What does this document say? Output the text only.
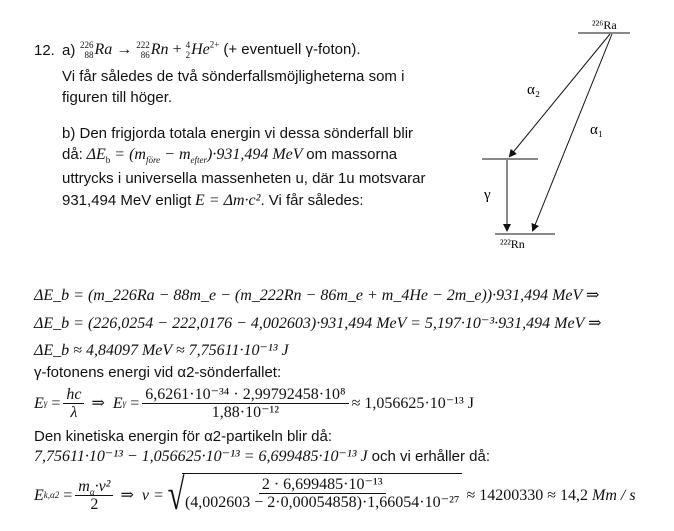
12. a) 226
88 Ra → 222
86 Rn + 4
2 $He^{2+}$ (+ eventuell γ-foton).
Vi får således de två sönderfallsmöjligheterna som i
figuren till höger.
b) Den frigjorda totala energin vi dessa sönderfall blir
då: $\Delta E_b = (m_{före} - m_{efter})\cdot 931,494$ MeV om massorna
uttrycks i universella massenheten u, där 1u motsvarar
931,494 MeV enligt E = Δm·c². Vi får således:
²²⁶Ra
²²²Rn
α₂
α₁
γ
ΔE_b = (m_226Ra − 88m_e − (m_222Rn − 86m_e + m_4He − 2m_e))·931,494 MeV ⇒
ΔE_b = (226,0254 − 222,0176 − 4,002603)·931,494 MeV = 5,197·10⁻³·931,494 MeV ⇒
ΔE_b ≈ 4,84097 MeV ≈ 7,75611·10⁻¹³ J
γ-fotonens energi vid α2-sönderfallet:
E $\gamma = \frac{hc}{\lambda}$
⇒
E $\gamma = \frac{\text{6,6261·10⁻³⁴ · 2,99792458·10⁸}}{\text{1,88·10⁻¹²}} \approx 1,056625\cdot 10^{-13}$ J
Den kinetiska energin för α2-partikeln blir då:
7,75611·10⁻¹³ − 1,056625·10⁻¹³ = 6,699485·10⁻¹³ J och vi erhåller då:
E $k,\alpha 2 = \frac{m_\alpha\cdot v^2}{2}$
⇒
v = √
$\frac{\text{2 · 6,699485·10⁻¹³}}{\text{(4,002603 − 2·0,00054858)·1,66054·10⁻²⁷}}$
≈ 14200330 ≈ 14,2
Mm / s
